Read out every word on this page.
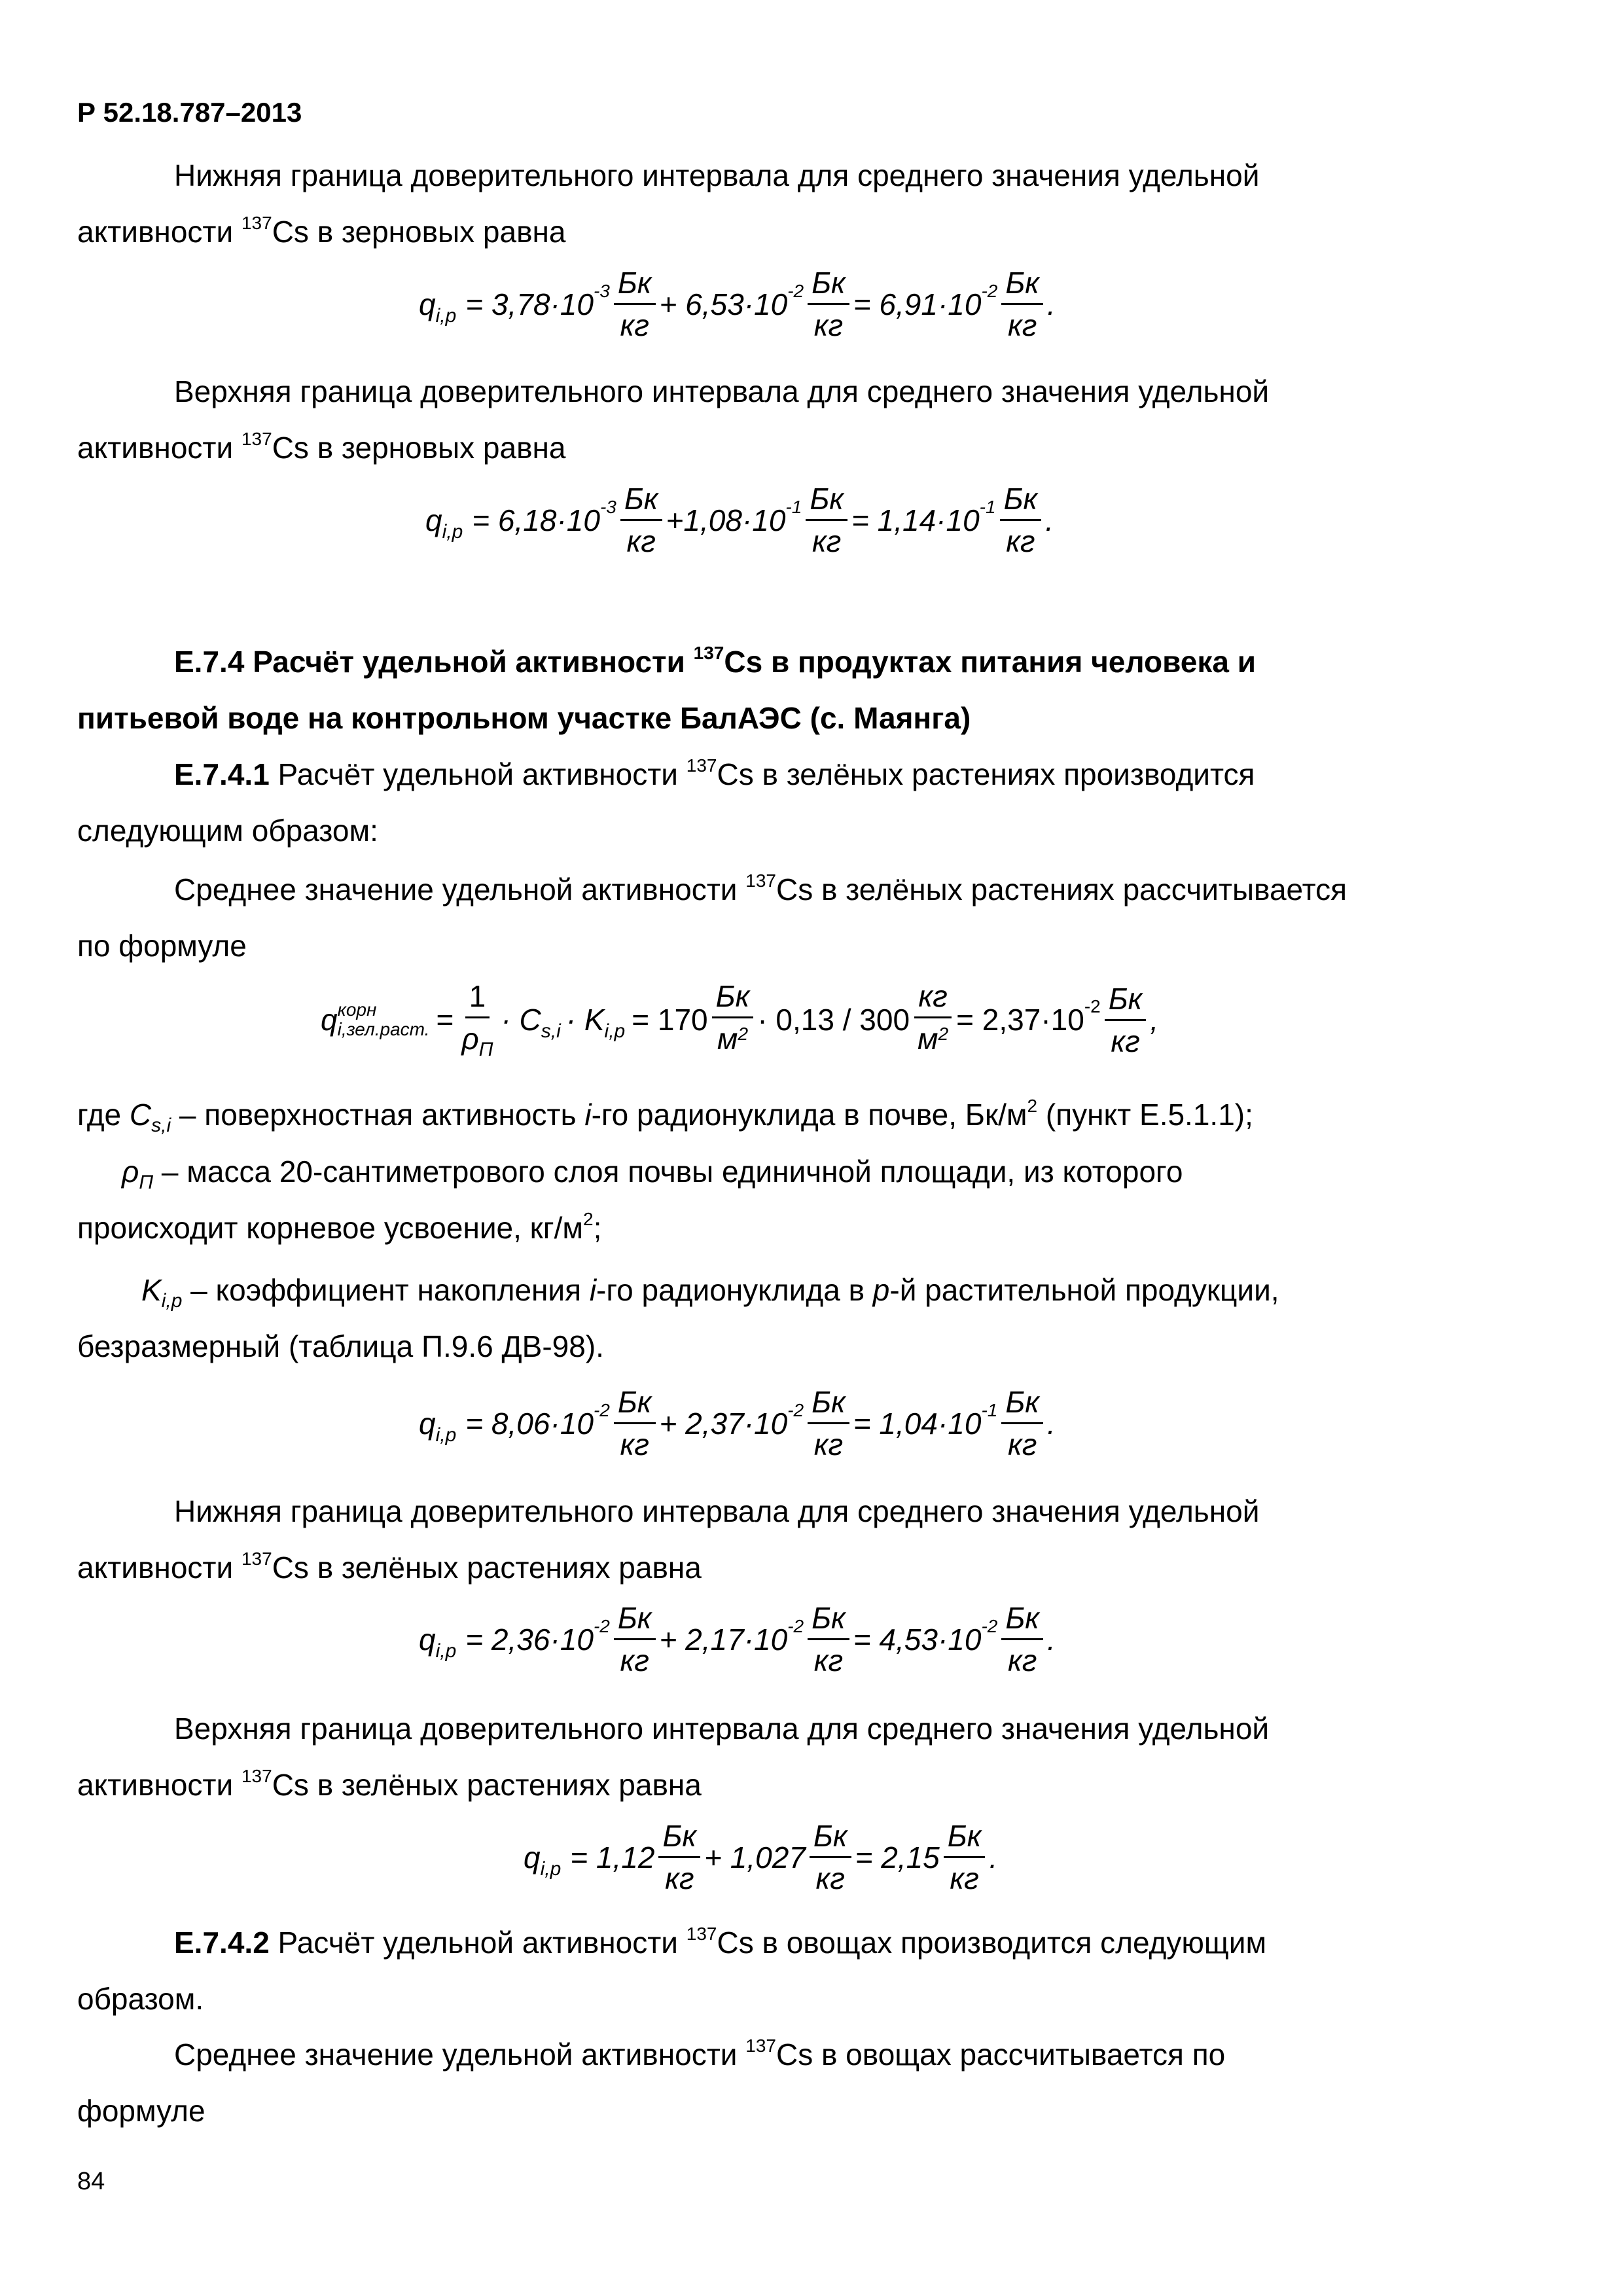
Р 52.18.787–2013
Нижняя граница доверительного интервала для среднего значения удельной
активности $^{137}$Cs в зерновых равна
q i,p = 3,78·10 $-3 \frac{Бк}{кг} + 6,53\cdot 10$ $-2 \frac{Бк}{кг} = 6,91\cdot 10$ $-2 \frac{Бк}{кг}$ .
Верхняя граница доверительного интервала для среднего значения удельной
активности $^{137}$Cs в зерновых равна
q i,p = 6,18·10 $-3 \frac{Бк}{кг} +1,08\cdot 10$ $-1 \frac{Бк}{кг} = 1,14\cdot 10$ $-1 \frac{Бк}{кг}$ .
Е.7.4 Расчёт удельной активности $^{137}$Cs в продуктах питания человека и
питьевой воде на контрольном участке БалАЭС (с. Маянга)
Е.7.4.1 Расчёт удельной активности $^{137}$Cs в зелёных растениях производится
следующим образом:
Среднее значение удельной активности $^{137}$Cs в зелёных растениях рассчитывается
по формуле
q корн
i,зел.раст. = $\frac{1}{\rho_П} \cdot C$ s,i · K $i,p = 170 \frac{Бк}{м^2} \cdot 0,13 / 300 \frac{кг}{м^2} = 2,37\cdot 10$ $-2 \frac{Бк}{кг}$ ,
где $C_{s,i}$ – поверхностная активность i-го радионуклида в почве, $Бк/м^2$ (пункт Е.5.1.1);
$\rho_П$ – масса 20-сантиметрового слоя почвы единичной площади, из которого
происходит корневое усвоение, $кг/м^2$;
$K_{i,p}$ – коэффициент накопления i-го радионуклида в p-й растительной продукции,
безразмерный (таблица П.9.6 ДВ-98).
q i,p = 8,06·10 $-2 \frac{Бк}{кг} + 2,37\cdot 10$ $-2 \frac{Бк}{кг} = 1,04\cdot 10$ $-1 \frac{Бк}{кг}$ .
Нижняя граница доверительного интервала для среднего значения удельной
активности $^{137}$Cs в зелёных растениях равна
q i,p = 2,36·10 $-2 \frac{Бк}{кг} + 2,17\cdot 10$ $-2 \frac{Бк}{кг} = 4,53\cdot 10$ $-2 \frac{Бк}{кг}$ .
Верхняя граница доверительного интервала для среднего значения удельной
активности $^{137}$Cs в зелёных растениях равна
q $i,p = 1,12 \frac{Бк}{кг} + 1,027 \frac{Бк}{кг} = 2,15 \frac{Бк}{кг}$ .
Е.7.4.2 Расчёт удельной активности $^{137}$Cs в овощах производится следующим
образом.
Среднее значение удельной активности $^{137}$Cs в овощах рассчитывается по
формуле
84
